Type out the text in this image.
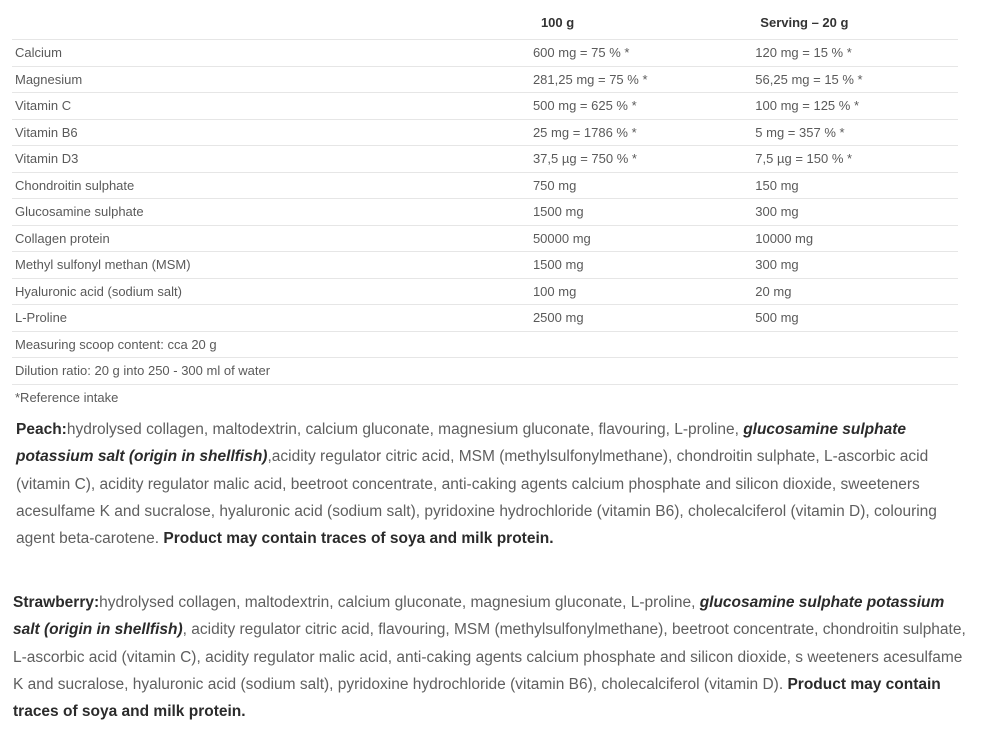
	100 g	Serving – 20 g
Calcium	600 mg = 75 % *	120 mg = 15 % *
Magnesium	281,25 mg = 75 % *	56,25 mg = 15 % *
Vitamin C	500 mg = 625 % *	100 mg = 125 % *
Vitamin B6	25 mg = 1786 % *	5 mg = 357 % *
Vitamin D3	37,5 µg = 750 % *	7,5 µg = 150 % *
Chondroitin sulphate	750 mg	150 mg
Glucosamine sulphate	1500 mg	300 mg
Collagen protein	50000 mg	10000 mg
Methyl sulfonyl methan (MSM)	1500 mg	300 mg
Hyaluronic acid (sodium salt)	100 mg	20 mg
L-Proline	2500 mg	500 mg
Measuring scoop content: cca 20 g		
Dilution ratio: 20 g into 250 - 300 ml of water		
*Reference intake		

Peach:hydrolysed collagen, maltodextrin, calcium gluconate, magnesium gluconate, flavouring, L-proline, glucosamine sulphate potassium salt (origin in shellfish),acidity regulator citric acid, MSM (methylsulfonylmethane), chondroitin sulphate, L-ascorbic acid (vitamin C), acidity regulator malic acid, beetroot concentrate, anti-caking agents calcium phosphate and silicon dioxide, sweeteners acesulfame K and sucralose, hyaluronic acid (sodium salt), pyridoxine hydrochloride (vitamin B6), cholecalciferol (vitamin D), colouring agent beta-carotene. Product may contain traces of soya and milk protein.

Strawberry:hydrolysed collagen, maltodextrin, calcium gluconate, magnesium gluconate, L-proline, glucosamine sulphate potassium salt (origin in shellfish), acidity regulator citric acid, flavouring, MSM (methylsulfonylmethane), beetroot concentrate, chondroitin sulphate, L-ascorbic acid (vitamin C), acidity regulator malic acid, anti-caking agents calcium phosphate and silicon dioxide, s weeteners acesulfame K and sucralose, hyaluronic acid (sodium salt), pyridoxine hydrochloride (vitamin B6), cholecalciferol (vitamin D). Product may contain traces of soya and milk protein.
